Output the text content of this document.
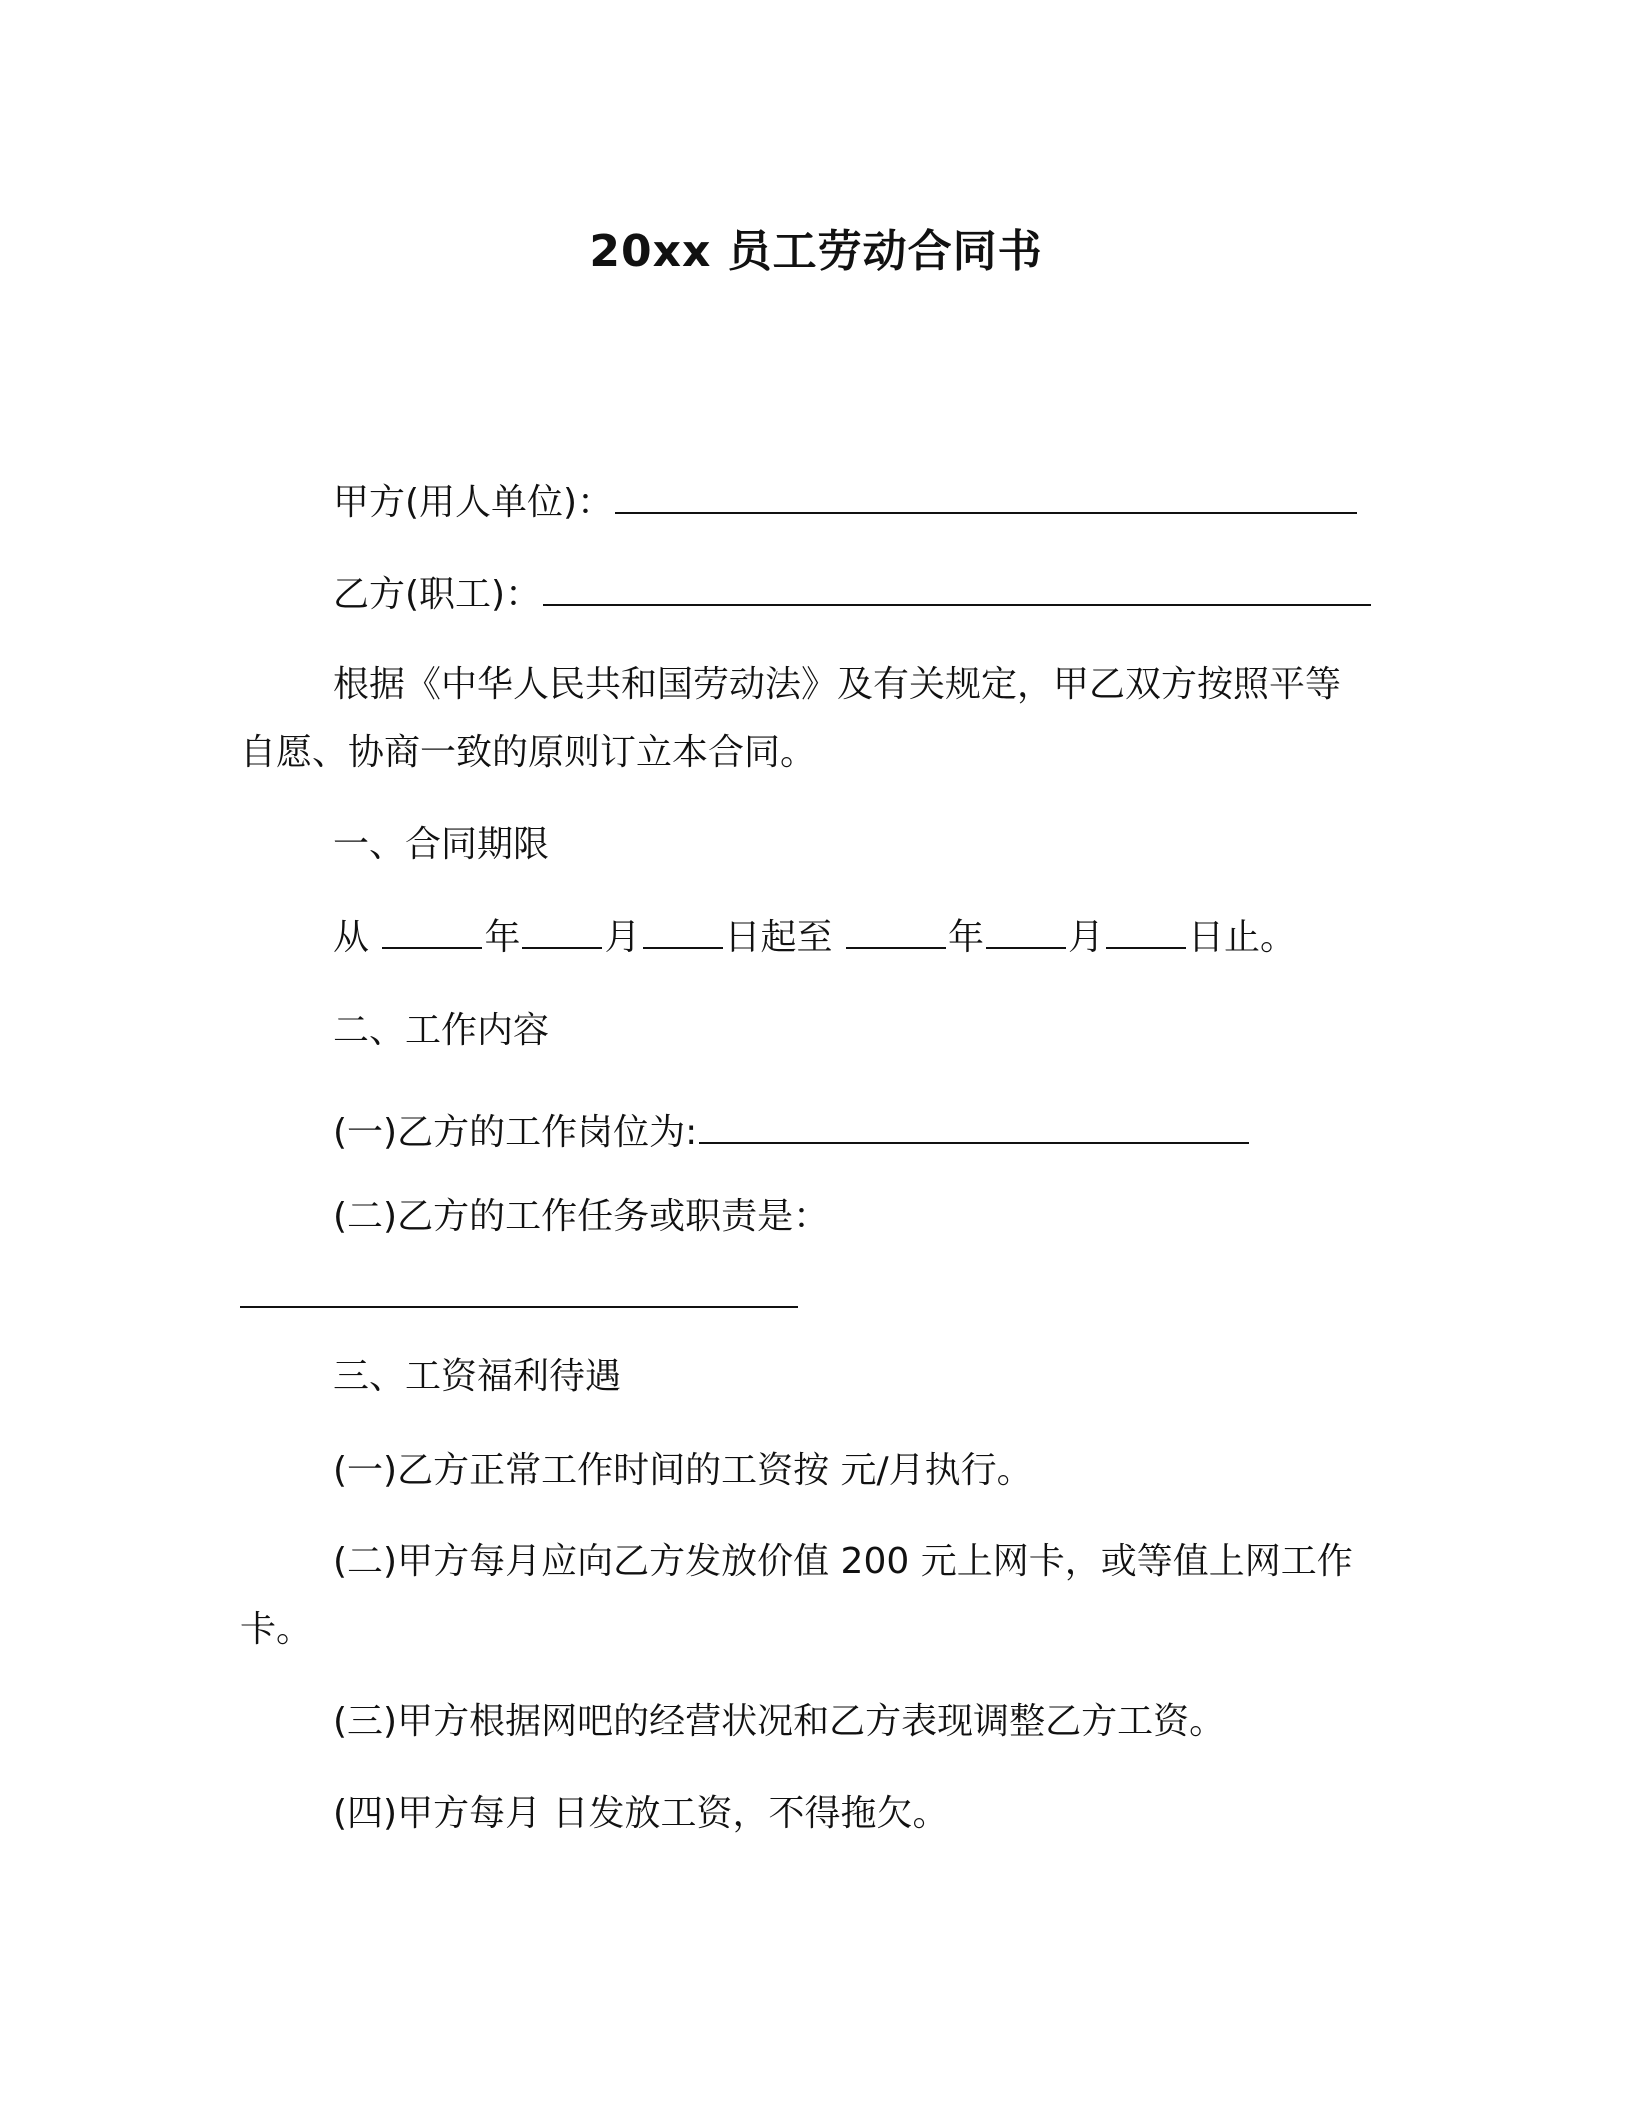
20xx 员工劳动合同书
甲方(用人单位)：
乙方(职工)：
根据《中华人民共和国劳动法》及有关规定，甲乙双方按照平等
自愿、协商一致的原则订立本合同。
一、合同期限
从	年 月 日起至	年 月 日止。
二、工作内容
(一)乙方的工作岗位为:
(二)乙方的工作任务或职责是：
三、工资福利待遇
(一)乙方正常工作时间的工资按 元/月执行。
(二)甲方每月应向乙方发放价值 200 元上网卡，或等值上网工作
卡。
(三)甲方根据网吧的经营状况和乙方表现调整乙方工资。
(四)甲方每月 日发放工资，不得拖欠。
